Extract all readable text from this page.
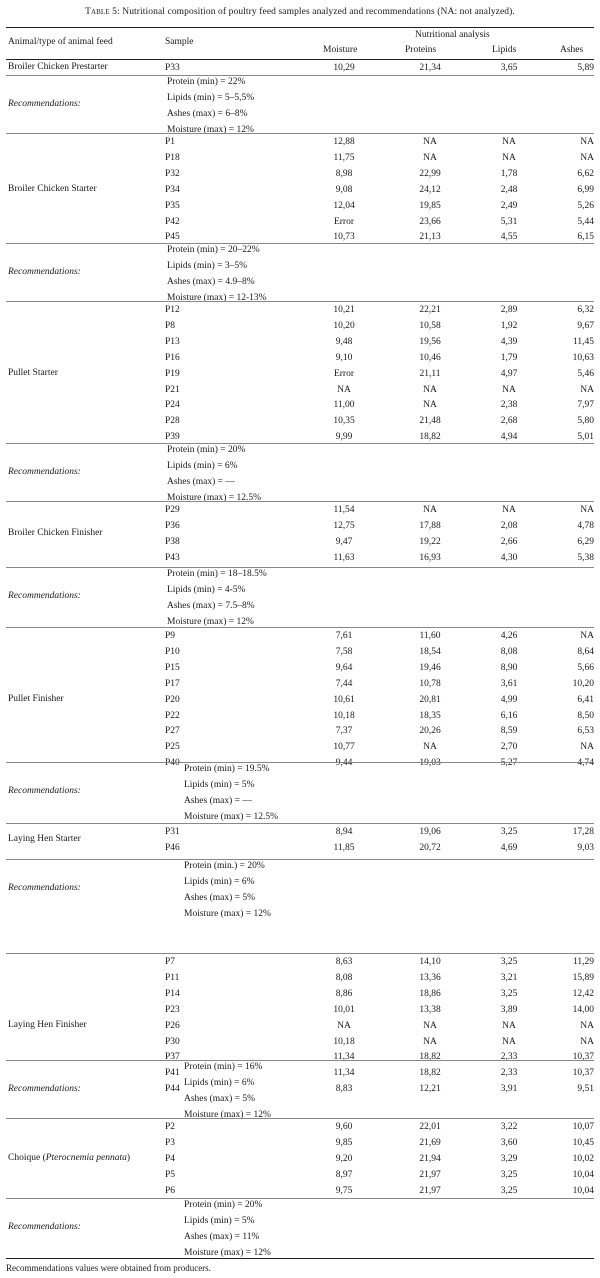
Table 5: Nutritional composition of poultry feed samples analyzed and recommendations (NA: not analyzed).
Animal/type of animal feed	Sample
Nutritional analysis
Moisture	Proteins	Lipids	Ashes
P33	10,29	21,34	3,65	5,89
Broiler Chicken Prestarter
Recommendations:
Protein (min) = 22%
Lipids (min) = 5–5,5%
Ashes (max) = 6–8%
Moisture (max) = 12%
P1	12,88	NA	NA	NA
P18	11,75	NA	NA	NA
P32	8,98	22,99	1,78	6,62
P34	9,08	24,12	2,48	6,99
P35	12,04	19,85	2,49	5,26
P42	Error	23,66	5,31	5,44
P45	10,73	21,13	4,55	6,15
Broiler Chicken Starter
Recommendations:
Protein (min) = 20–22%
Lipids (min) = 3–5%
Ashes (max) = 4.9–8%
Moisture (max) = 12-13%
P12	10,21	22,21	2,89	6,32
P8	10,20	10,58	1,92	9,67
P13	9,48	19,56	4,39	11,45
P16	9,10	10,46	1,79	10,63
P19	Error	21,11	4,97	5,46
P21	NA	NA	NA	NA
P24	11,00	NA	2,38	7,97
P28	10,35	21,48	2,68	5,80
P39	9,99	18,82	4,94	5,01
Pullet Starter
Recommendations:
Protein (min) = 20%
Lipids (min) = 6%
Ashes (max) = —
Moisture (max) = 12.5%
P29	11,54	NA	NA	NA
P36	12,75	17,88	2,08	4,78
P38	9,47	19,22	2,66	6,29
P43	11,63	16,93	4,30	5,38
Broiler Chicken Finisher
Recommendations:
Protein (min) = 18–18.5%
Lipids (min) = 4-5%
Ashes (max) = 7.5–8%
Moisture (max) = 12%
P9	7,61	11,60	4,26	NA
P10	7,58	18,54	8,08	8,64
P15	9,64	19,46	8,90	5,66
P17	7,44	10,78	3,61	10,20
P20	10,61	20,81	4,99	6,41
P22	10,18	18,35	6,16	8,50
P27	7,37	20,26	8,59	6,53
P25	10,77	NA	2,70	NA
P40	9,44	19,03	5,27	4,74
Pullet Finisher
Recommendations:
Protein (min) = 19.5%
Lipids (min) = 5%
Ashes (max) = —
Moisture (max) = 12.5%
P31	8,94	19,06	3,25	17,28
P46	11,85	20,72	4,69	9,03
Laying Hen Starter
Recommendations:
Protein (min.) = 20%
Lipids (min) = 6%
Ashes (max) = 5%
Moisture (max) = 12%
P7	8,63	14,10	3,25	11,29
P11	8,08	13,36	3,21	15,89
P14	8,86	18,86	3,25	12,42
P23	10,01	13,38	3,89	14,00
P26	NA	NA	NA	NA
P30	10,18	NA	NA	NA
P37	11,34	18,82	2,33	10,37
P41	11,34	18,82	2,33	10,37
P44	8,83	12,21	3,91	9,51
Laying Hen Finisher
Recommendations:
Protein (min) = 16%
Lipids (min) = 6%
Ashes (max) = 5%
Moisture (max) = 12%
P2	9,60	22,01	3,22	10,07
P3	9,85	21,69	3,60	10,45
P4	9,20	21,94	3,29	10,02
P5	8,97	21,97	3,25	10,04
P6	9,75	21,97	3,25	10,04
Choique (Pterocnemia pennata)
Recommendations:
Protein (min) = 20%
Lipids (min) = 5%
Ashes (max) = 11%
Moisture (max) = 12%
Recommendations values were obtained from producers.
